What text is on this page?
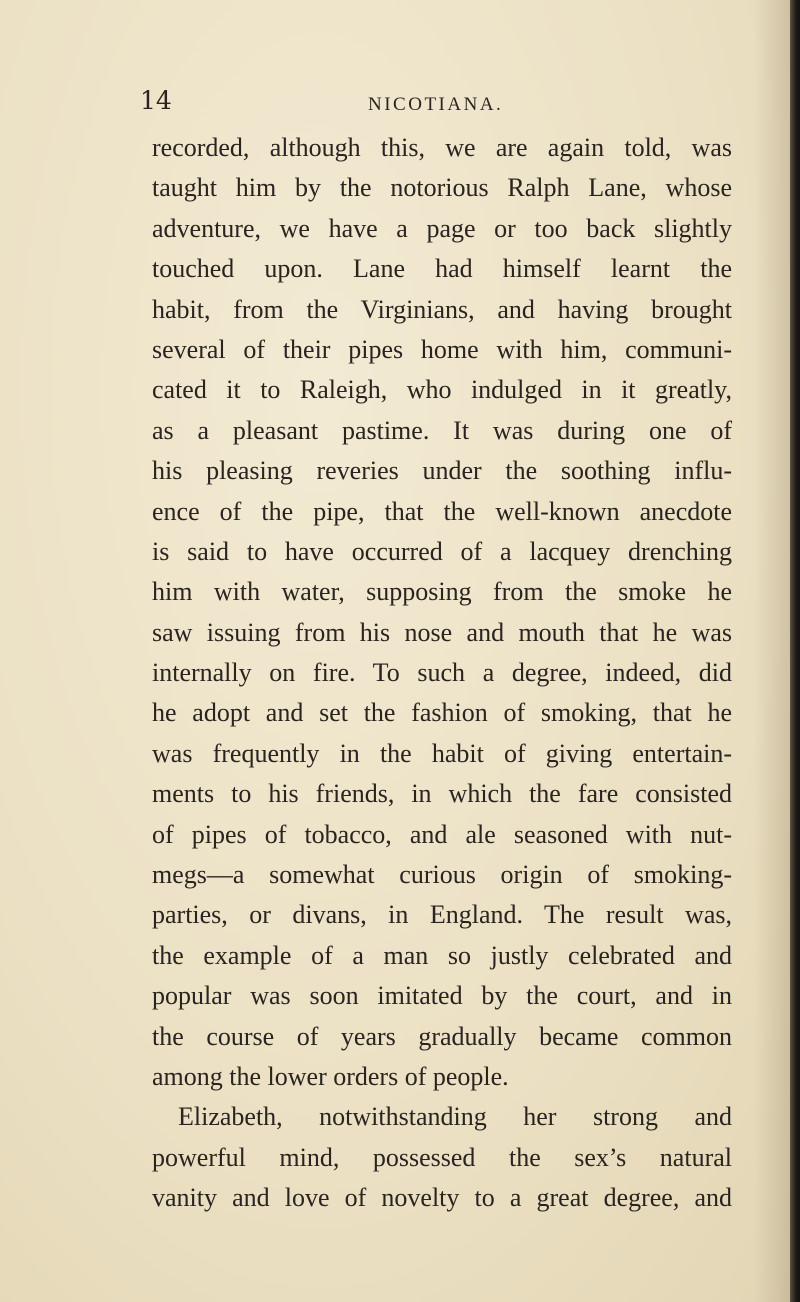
14	NICOTIANA.
recorded, although this, we are again told, was
taught him by the notorious Ralph Lane, whose
adventure, we have a page or too back slightly
touched upon. Lane had himself learnt the
habit, from the Virginians, and having brought
several of their pipes home with him, communi-
cated it to Raleigh, who indulged in it greatly,
as a pleasant pastime. It was during one of
his pleasing reveries under the soothing influ-
ence of the pipe, that the well-known anecdote
is said to have occurred of a lacquey drenching
him with water, supposing from the smoke he
saw issuing from his nose and mouth that he was
internally on fire. To such a degree, indeed, did
he adopt and set the fashion of smoking, that he
was frequently in the habit of giving entertain-
ments to his friends, in which the fare consisted
of pipes of tobacco, and ale seasoned with nut-
megs—a somewhat curious origin of smoking-
parties, or divans, in England. The result was,
the example of a man so justly celebrated and
popular was soon imitated by the court, and in
the course of years gradually became common
among the lower orders of people.
Elizabeth, notwithstanding her strong and
powerful mind, possessed the sex’s natural
vanity and love of novelty to a great degree, and
